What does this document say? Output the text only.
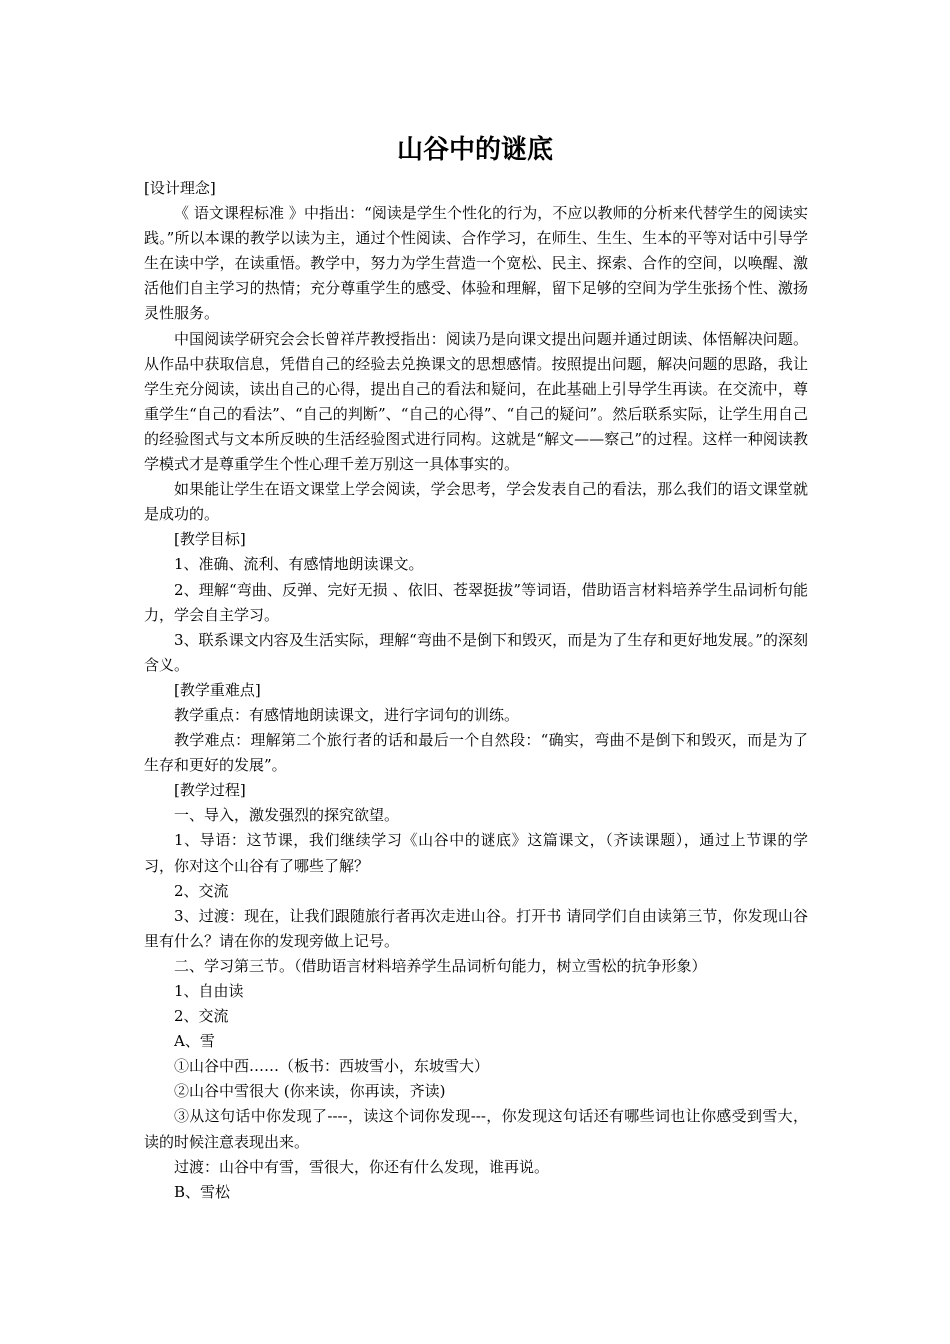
山谷中的谜底

[设计理念]

《 语文课程标准 》中指出：“阅读是学生个性化的行为，不应以教师的分析来代替学生的阅读实践。”所以本课的教学以读为主，通过个性阅读、合作学习，在师生、生生、生本的平等对话中引导学生在读中学，在读重悟。教学中，努力为学生营造一个宽松、民主、探索、合作的空间，以唤醒、激活他们自主学习的热情；充分尊重学生的感受、体验和理解，留下足够的空间为学生张扬个性、激扬灵性服务。

中国阅读学研究会会长曾祥芹教授指出：阅读乃是向课文提出问题并通过朗读、体悟解决问题。从作品中获取信息，凭借自己的经验去兑换课文的思想感情。按照提出问题，解决问题的思路，我让学生充分阅读，读出自己的心得，提出自己的看法和疑问，在此基础上引导学生再读。在交流中，尊重学生“自己的看法”、“自己的判断”、“自己的心得”、“自己的疑问”。然后联系实际，让学生用自己的经验图式与文本所反映的生活经验图式进行同构。这就是“解文——察己”的过程。这样一种阅读教学模式才是尊重学生个性心理千差万别这一具体事实的。

如果能让学生在语文课堂上学会阅读，学会思考，学会发表自己的看法，那么我们的语文课堂就是成功的。

[教学目标]

1、准确、流利、有感情地朗读课文。

2、理解“弯曲、反弹、完好无损 、依旧、苍翠挺拔”等词语，借助语言材料培养学生品词析句能力，学会自主学习。

3、联系课文内容及生活实际，理解“弯曲不是倒下和毁灭，而是为了生存和更好地发展。”的深刻含义。

[教学重难点]

教学重点：有感情地朗读课文，进行字词句的训练。

教学难点：理解第二个旅行者的话和最后一个自然段：“确实，弯曲不是倒下和毁灭，而是为了生存和更好的发展”。

[教学过程]

一、导入，激发强烈的探究欲望。

1、导语：这节课，我们继续学习《山谷中的谜底》这篇课文，（齐读课题），通过上节课的学习，你对这个山谷有了哪些了解？

2、交流

3、过渡：现在，让我们跟随旅行者再次走进山谷。打开书 请同学们自由读第三节，你发现山谷里有什么？请在你的发现旁做上记号。

二、学习第三节。（借助语言材料培养学生品词析句能力，树立雪松的抗争形象）

1、自由读

2、交流

A、雪

①山谷中西……（板书：西坡雪小，东坡雪大）

②山谷中雪很大 (你来读，你再读，齐读)

③从这句话中你发现了----，读这个词你发现---，你发现这句话还有哪些词也让你感受到雪大，读的时候注意表现出来。

过渡：山谷中有雪，雪很大，你还有什么发现，谁再说。

B、雪松
